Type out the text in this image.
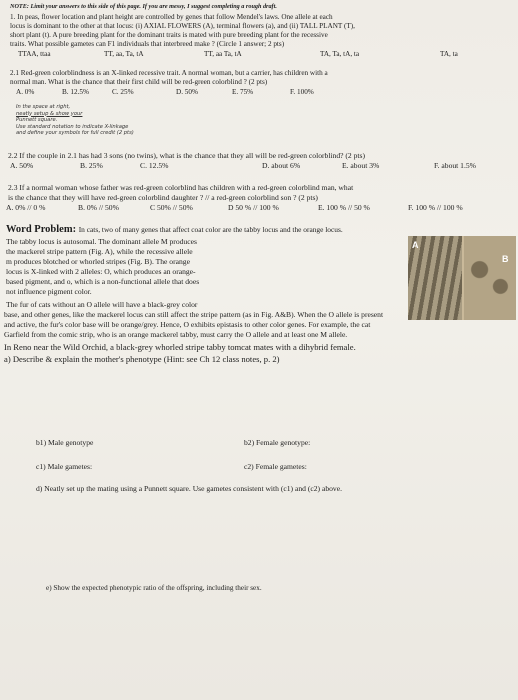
NOTE: Limit your answers to this side of this page. If you are messy, I suggest completing a rough draft.
1. In peas, flower location and plant height are controlled by genes that follow Mendel's laws. One allele at each
locus is dominant to the other at that locus: (i) AXIAL FLOWERS (A), terminal flowers (a), and (ii) TALL PLANT (T),
short plant (t). A pure breeding plant for the dominant traits is mated with pure breeding plant for the recessive
traits. What possible gametes can F1 individuals that interbreed make ? (Circle 1 answer; 2 pts)
TTAA, ttaa	TT, aa, Ta, tA	TT, aa Ta, tA	TA, Ta, tA, ta	TA, ta
2.1 Red-green colorblindness is an X-linked recessive trait. A normal woman, but a carrier, has children with a
normal man. What is the chance that their first child will be red-green colorblind ? (2 pts)
A. 0%	B. 12.5%	C. 25%	D. 50%	E. 75%	F. 100%
In the space at right,
neatly setup & show your
Punnett square.
Use standard notation to indicate X-linkage
and define your symbols for full credit (2 pts)
2.2 If the couple in 2.1 has had 3 sons (no twins), what is the chance that they all will be red-green colorblind? (2 pts)
A. 50%	B. 25%	C. 12.5%	D. about 6%	E. about 3%	F. about 1.5%
2.3 If a normal woman whose father was red-green colorblind has children with a red-green colorblind man, what
is the chance that they will have red-green colorblind daughter ? // a red-green colorblind son ? (2 pts)
A. 0% // 0 %	B. 0% // 50%	C 50% // 50%	D 50 % // 100 %	E. 100 % // 50 %	F. 100 % // 100 %
Word Problem: In cats, two of many genes that affect coat color are the tabby locus and the orange locus.
The tabby locus is autosomal. The dominant allele M produces
the mackerel stripe pattern (Fig. A), while the recessive allele
m produces blotched or whorled stripes (Fig. B). The orange
locus is X-linked with 2 alleles: O, which produces an orange-
based pigment, and o, which is a non-functional allele that does
not influence pigment color.
The fur of cats without an O allele will have a black-grey color
base, and other genes, like the mackerel locus can still affect the stripe pattern (as in Fig. A&B). When the O allele is present
and active, the fur's color base will be orange/grey. Hence, O exhibits epistasis to other color genes. For example, the cat
Garfield from the comic strip, who is an orange mackerel tabby, must carry the O allele and at least one M allele.
In Reno near the Wild Orchid, a black-grey whorled stripe tabby tomcat mates with a dihybrid female.
a) Describe & explain the mother's phenotype (Hint: see Ch 12 class notes, p. 2)
A
B
b1) Male genotype	b2) Female genotype:
c1) Male gametes:	c2) Female gametes:
d) Neatly set up the mating using a Punnett square. Use gametes consistent with (c1) and (c2) above.
e) Show the expected phenotypic ratio of the offspring, including their sex.
